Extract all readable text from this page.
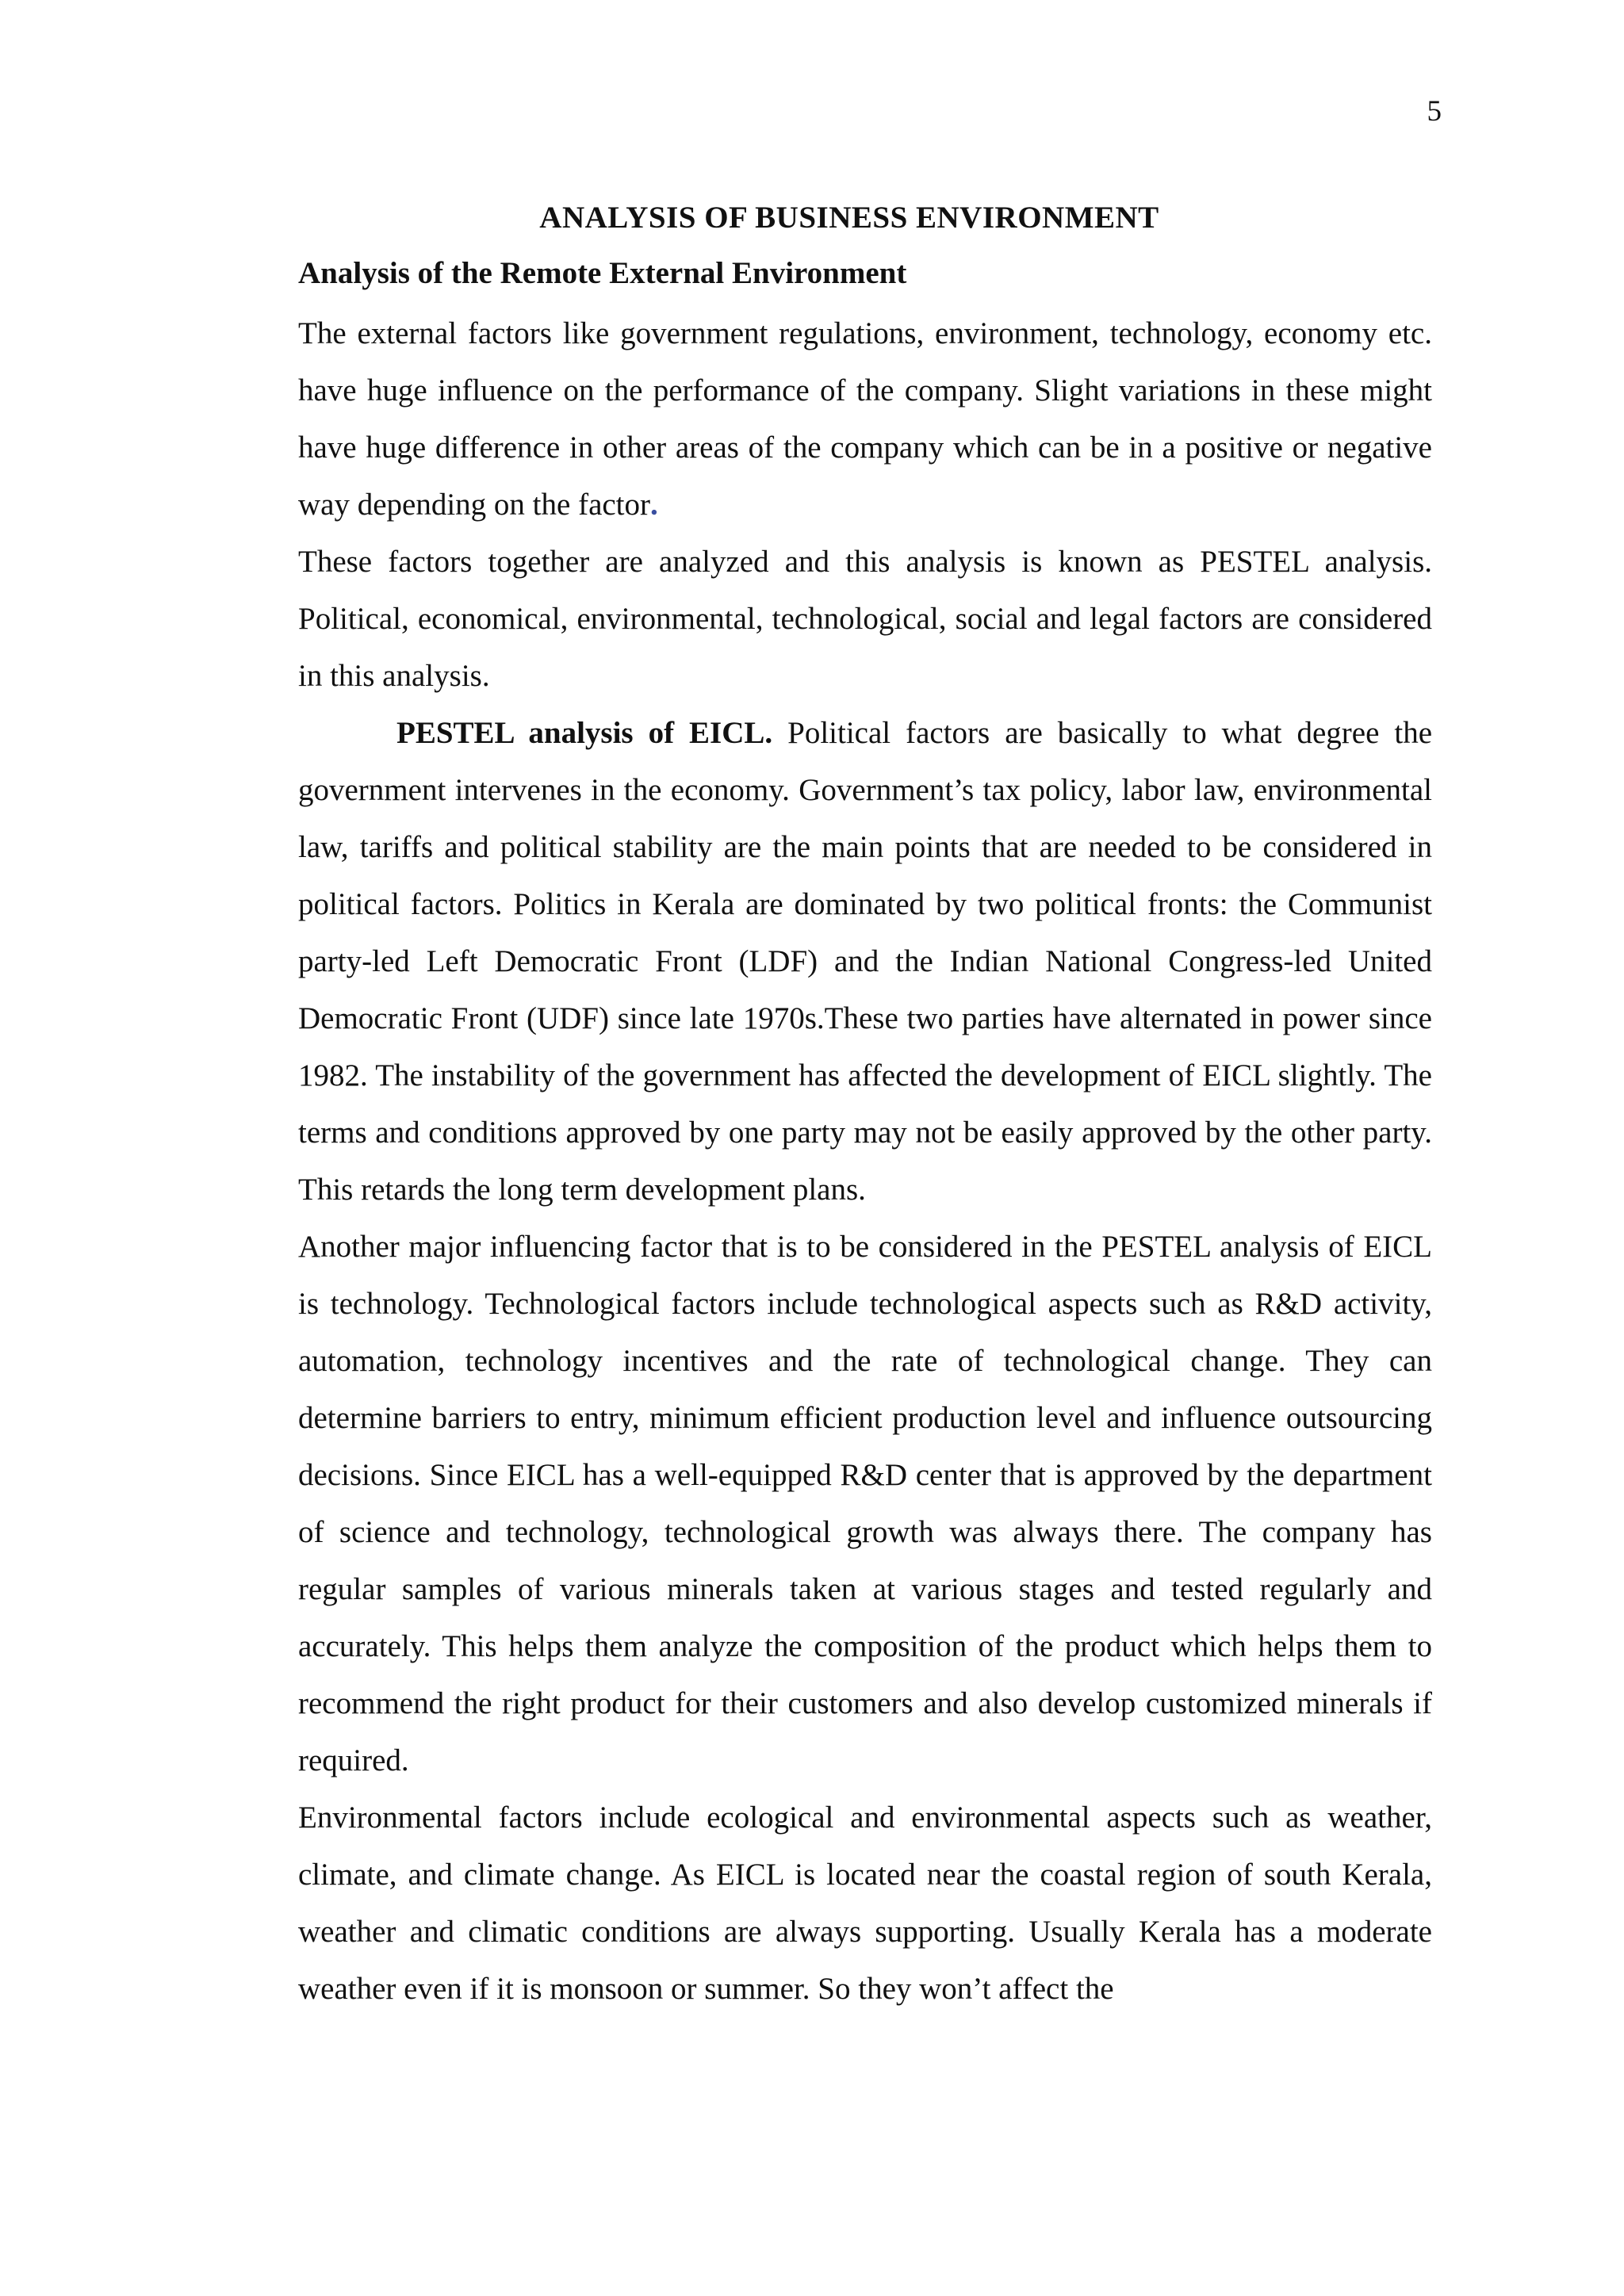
5
ANALYSIS OF BUSINESS ENVIRONMENT
Analysis of the Remote External Environment

The external factors like government regulations, environment, technology, economy etc. have huge influence on the performance of the company. Slight variations in these might have huge difference in other areas of the company which can be in a positive or negative way depending on the factor.

These factors together are analyzed and this analysis is known as PESTEL analysis. Political, economical, environmental, technological, social and legal factors are considered in this analysis.

PESTEL analysis of EICL. Political factors are basically to what degree the government intervenes in the economy. Government’s tax policy, labor law, environmental law, tariffs and political stability are the main points that are needed to be considered in political factors. Politics in Kerala are dominated by two political fronts: the Communist party-led Left Democratic Front (LDF) and the Indian National Congress-led United Democratic Front (UDF) since late 1970s.These two parties have alternated in power since 1982. The instability of the government has affected the development of EICL slightly. The terms and conditions approved by one party may not be easily approved by the other party. This retards the long term development plans.

Another major influencing factor that is to be considered in the PESTEL analysis of EICL is technology. Technological factors include technological aspects such as R&D activity, automation, technology incentives and the rate of technological change. They can determine barriers to entry, minimum efficient production level and influence outsourcing decisions. Since EICL has a well-equipped R&D center that is approved by the department of science and technology, technological growth was always there. The company has regular samples of various minerals taken at various stages and tested regularly and accurately. This helps them analyze the composition of the product which helps them to recommend the right product for their customers and also develop customized minerals if required.

Environmental factors include ecological and environmental aspects such as weather, climate, and climate change. As EICL is located near the coastal region of south Kerala, weather and climatic conditions are always supporting. Usually Kerala has a moderate weather even if it is monsoon or summer. So they won’t affect the
